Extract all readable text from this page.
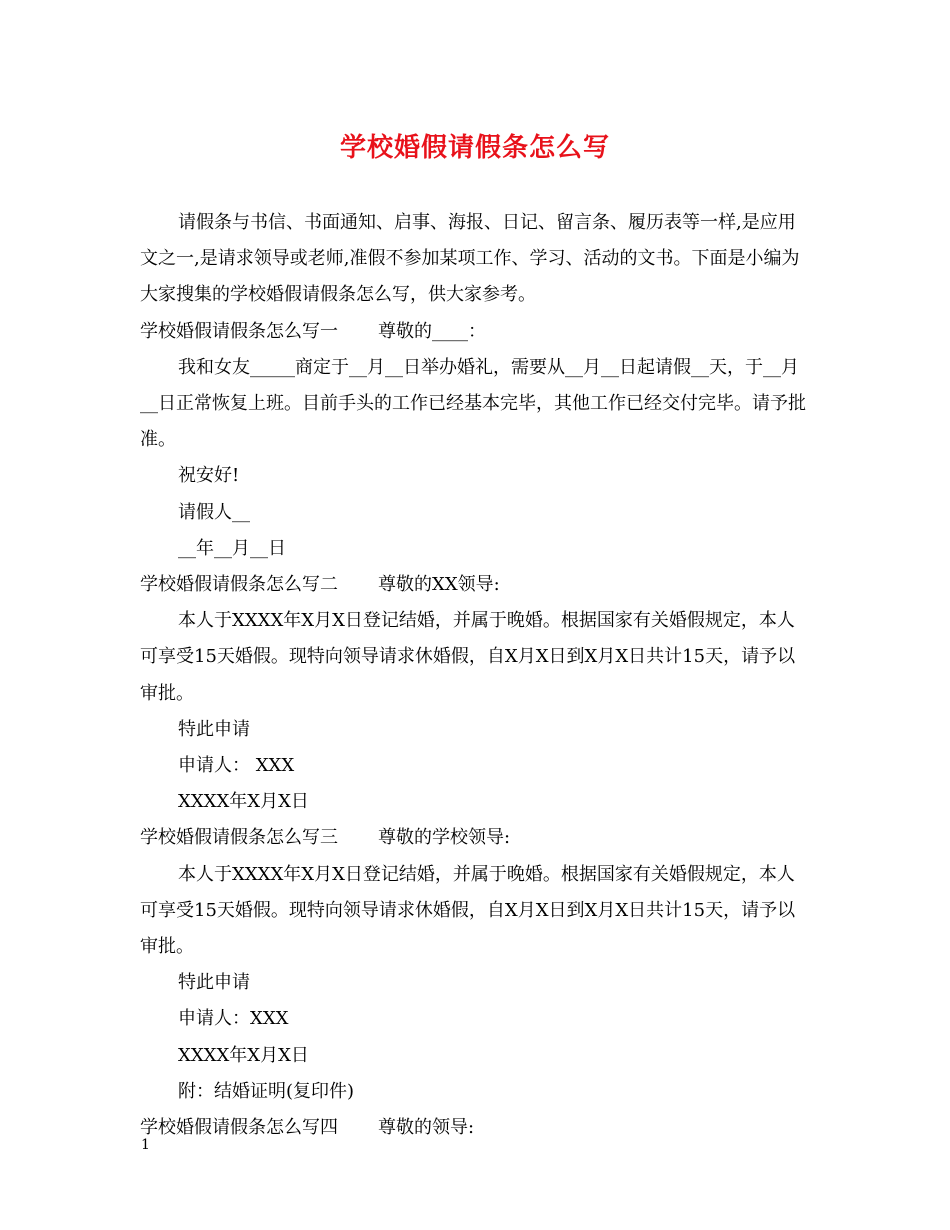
学校婚假请假条怎么写

请假条与书信、书面通知、启事、海报、日记、留言条、履历表等一样,是应用文之一,是请求领导或老师,准假不参加某项工作、学习、活动的文书。下面是小编为大家搜集的学校婚假请假条怎么写，供大家参考。

学校婚假请假条怎么写一 尊敬的____：

我和女友_____商定于__月__日举办婚礼，需要从__月__日起请假__天，于__月__日正常恢复上班。目前手头的工作已经基本完毕，其他工作已经交付完毕。请予批准。

祝安好!

请假人__

__年__月__日

学校婚假请假条怎么写二 尊敬的XX领导:

本人于XXXX年X月X日登记结婚，并属于晚婚。根据国家有关婚假规定，本人可享受15天婚假。现特向领导请求休婚假，自X月X日到X月X日共计15天，请予以审批。

特此申请

申请人： XXX

XXXX年X月X日

学校婚假请假条怎么写三 尊敬的学校领导:

本人于XXXX年X月X日登记结婚，并属于晚婚。根据国家有关婚假规定，本人可享受15天婚假。现特向领导请求休婚假，自X月X日到X月X日共计15天，请予以审批。

特此申请

申请人：XXX

XXXX年X月X日

附：结婚证明(复印件)

学校婚假请假条怎么写四 尊敬的领导:

1
